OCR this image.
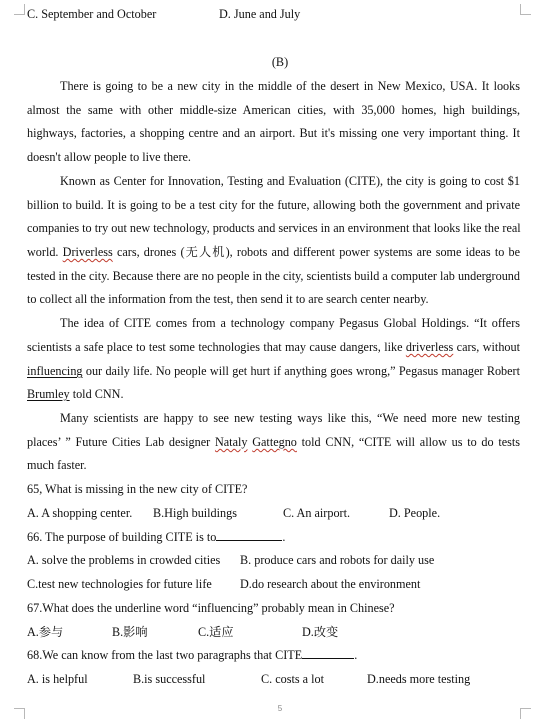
C. September and October	D. June and July
(B)
There is going to be a new city in the middle of the desert in New Mexico, USA. It looks
almost the same with other middle-size American cities, with 35,000 homes, high buildings,
highways, factories, a shopping centre and an airport. But it's missing one very important thing. It
doesn't allow people to live there.
Known as Center for Innovation, Testing and Evaluation (CITE), the city is going to cost $1
billion to build. It is going to be a test city for the future, allowing both the government and private
companies to try out new technology, products and services in an environment that looks like the real
world. Driverless cars, drones (无人机), robots and different power systems are some ideas to be
tested in the city. Because there are no people in the city, scientists build a computer lab underground
to collect all the information from the test, then send it to are search center nearby.
The idea of CITE comes from a technology company Pegasus Global Holdings. “It offers
scientists a safe place to test some technologies that may cause dangers, like driverless cars, without
influencing our daily life. No people will get hurt if anything goes wrong,” Pegasus manager Robert
Brumley told CNN.
Many scientists are happy to see new testing ways like this, “We need more new testing
places’ ” Future Cities Lab designer Nataly Gattegno told CNN, “CITE will allow us to do tests
much faster.
65, What is missing in the new city of CITE?
A. A shopping center. B.High buildings	C. An airport.	D. People.
66. The purpose of building CITE is to	.
A. solve the problems in crowded cities B. produce cars and robots for daily use
C.test new technologies for future life D.do research about the environment
67.What does the underline word “influencing” probably mean in Chinese?
A.参与	B.影响	C.适应	D.改变
68.We can know from the last two paragraphs that CITE	.
A. is helpful	B.is successful	C. costs a lot	D.needs more testing
5
